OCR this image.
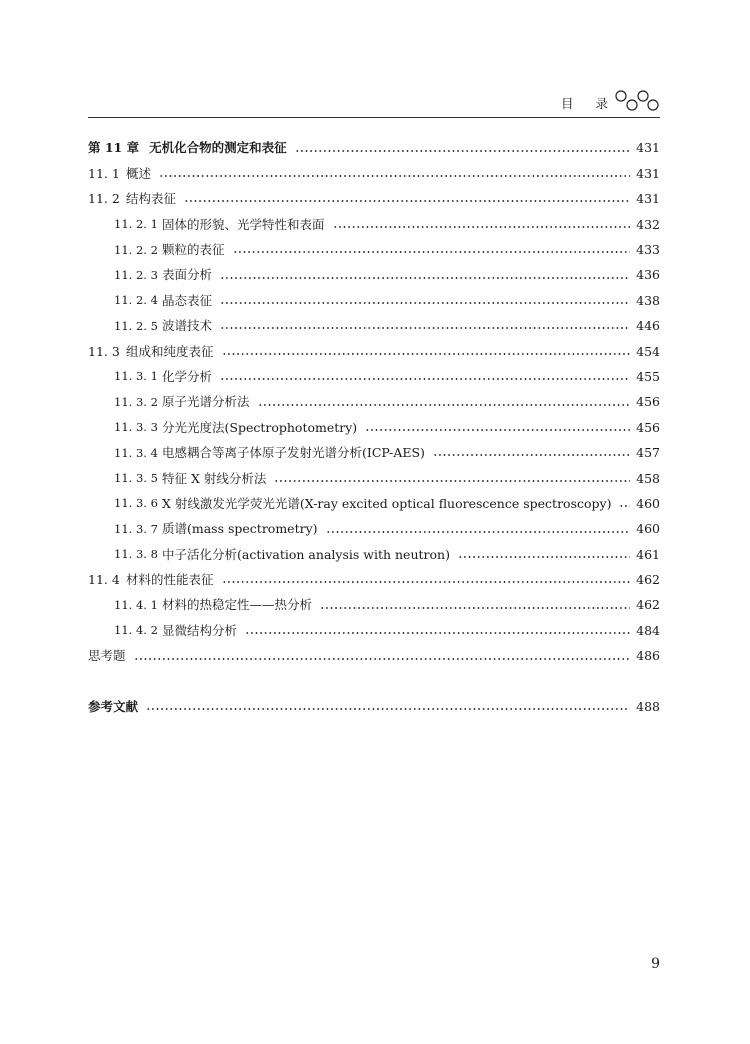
目 录
第 11 章 无机化合物的测定和表征	431
11. 1 概述	431
11. 2 结构表征	431
11. 2. 1 固体的形貌、光学特性和表面	432
11. 2. 2 颗粒的表征	433
11. 2. 3 表面分析	436
11. 2. 4 晶态表征	438
11. 2. 5 波谱技术	446
11. 3 组成和纯度表征	454
11. 3. 1 化学分析	455
11. 3. 2 原子光谱分析法	456
11. 3. 3 分光光度法(Spectrophotometry)	456
11. 3. 4 电感耦合等离子体原子发射光谱分析(ICP-AES)	457
11. 3. 5 特征 X 射线分析法	458
11. 3. 6 X 射线激发光学荧光光谱(X-ray excited optical fluorescence spectroscopy) 460
11. 3. 7 质谱(mass spectrometry)	460
11. 3. 8 中子活化分析(activation analysis with neutron)	461
11. 4 材料的性能表征	462
11. 4. 1 材料的热稳定性——热分析	462
11. 4. 2 显微结构分析	484
思考题	486
参考文献	488
9
